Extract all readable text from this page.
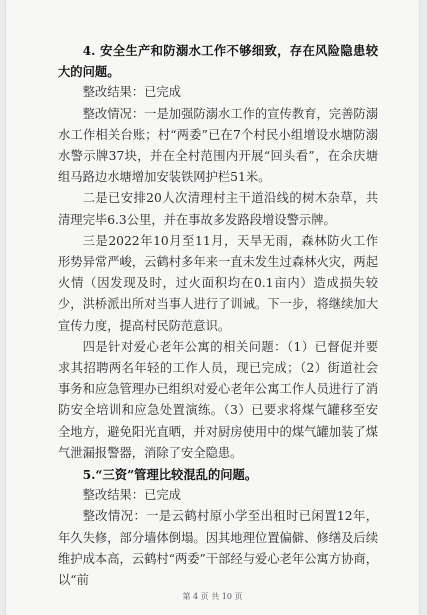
4. 安全生产和防溺水工作不够细致，存在风险隐患较大的问题。

整改结果：已完成

整改情况：一是加强防溺水工作的宣传教育，完善防溺水工作相关台账；村“两委”已在7个村民小组增设水塘防溺水警示牌37块，并在全村范围内开展“回头看”，在余庆塘组马路边水塘增加安装铁网护栏51米。

二是已安排20人次清理村主干道沿线的树木杂草，共清理完毕6.3公里，并在事故多发路段增设警示牌。

三是2022年10月至11月，天旱无雨，森林防火工作形势异常严峻，云鹤村多年来一直未发生过森林火灾，两起火情（因发现及时，过火面积均在0.1亩内）造成损失较少，洪桥派出所对当事人进行了训诫。下一步，将继续加大宣传力度，提高村民防范意识。

四是针对爱心老年公寓的相关问题：（1）已督促并要求其招聘两名年轻的工作人员，现已完成；（2）街道社会事务和应急管理办已组织对爱心老年公寓工作人员进行了消防安全培训和应急处置演练。（3）已要求将煤气罐移至安全地方，避免阳光直晒，并对厨房使用中的煤气罐加装了煤气泄漏报警器，消除了安全隐患。

5.“三资”管理比较混乱的问题。

整改结果：已完成

整改情况：一是云鹤村原小学至出租时已闲置12年，年久失修，部分墙体倒塌。因其地理位置偏僻、修缮及后续维护成本高，云鹤村“两委”干部经与爱心老年公寓方协商，以“前

第 4 页 共 10 页
